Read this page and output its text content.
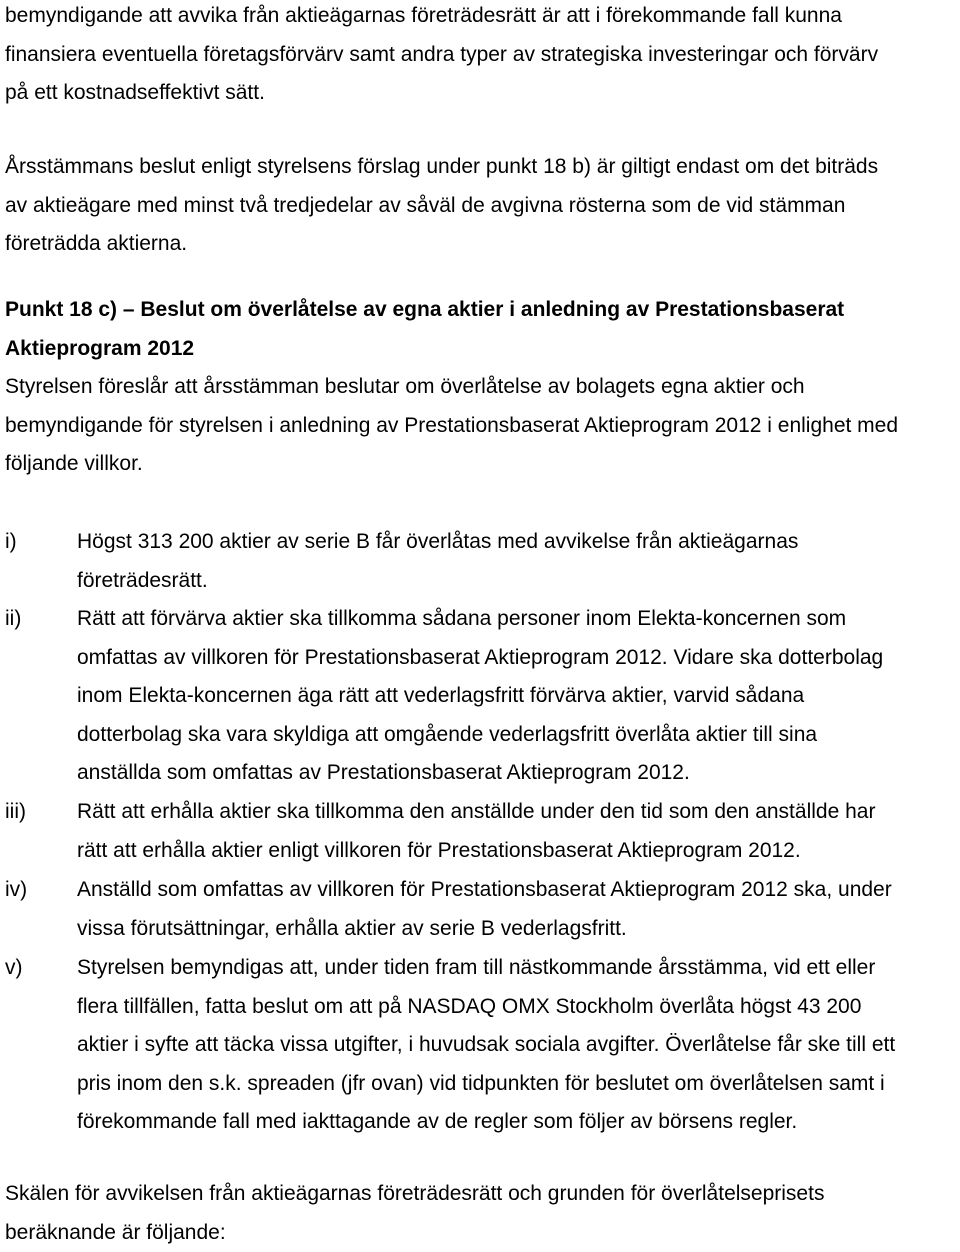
bemyndigande att avvika från aktieägarnas företrädesrätt är att i förekommande fall kunna
finansiera eventuella företagsförvärv samt andra typer av strategiska investeringar och förvärv
på ett kostnadseffektivt sätt.
Årsstämmans beslut enligt styrelsens förslag under punkt 18 b) är giltigt endast om det biträds
av aktieägare med minst två tredjedelar av såväl de avgivna rösterna som de vid stämman
företrädda aktierna.
Punkt 18 c) – Beslut om överlåtelse av egna aktier i anledning av Prestationsbaserat
Aktieprogram 2012
Styrelsen föreslår att årsstämman beslutar om överlåtelse av bolagets egna aktier och
bemyndigande för styrelsen i anledning av Prestationsbaserat Aktieprogram 2012 i enlighet med
följande villkor.
i)	Högst 313 200 aktier av serie B får överlåtas med avvikelse från aktieägarnas
företrädesrätt.
ii)	Rätt att förvärva aktier ska tillkomma sådana personer inom Elekta-koncernen som
omfattas av villkoren för Prestationsbaserat Aktieprogram 2012. Vidare ska dotterbolag
inom Elekta-koncernen äga rätt att vederlagsfritt förvärva aktier, varvid sådana
dotterbolag ska vara skyldiga att omgående vederlagsfritt överlåta aktier till sina
anställda som omfattas av Prestationsbaserat Aktieprogram 2012.
iii)	Rätt att erhålla aktier ska tillkomma den anställde under den tid som den anställde har
rätt att erhålla aktier enligt villkoren för Prestationsbaserat Aktieprogram 2012.
iv)	Anställd som omfattas av villkoren för Prestationsbaserat Aktieprogram 2012 ska, under
vissa förutsättningar, erhålla aktier av serie B vederlagsfritt.
v)	Styrelsen bemyndigas att, under tiden fram till nästkommande årsstämma, vid ett eller
flera tillfällen, fatta beslut om att på NASDAQ OMX Stockholm överlåta högst 43 200
aktier i syfte att täcka vissa utgifter, i huvudsak sociala avgifter. Överlåtelse får ske till ett
pris inom den s.k. spreaden (jfr ovan) vid tidpunkten för beslutet om överlåtelsen samt i
förekommande fall med iakttagande av de regler som följer av börsens regler.
Skälen för avvikelsen från aktieägarnas företrädesrätt och grunden för överlåtelseprisets
beräknande är följande:
